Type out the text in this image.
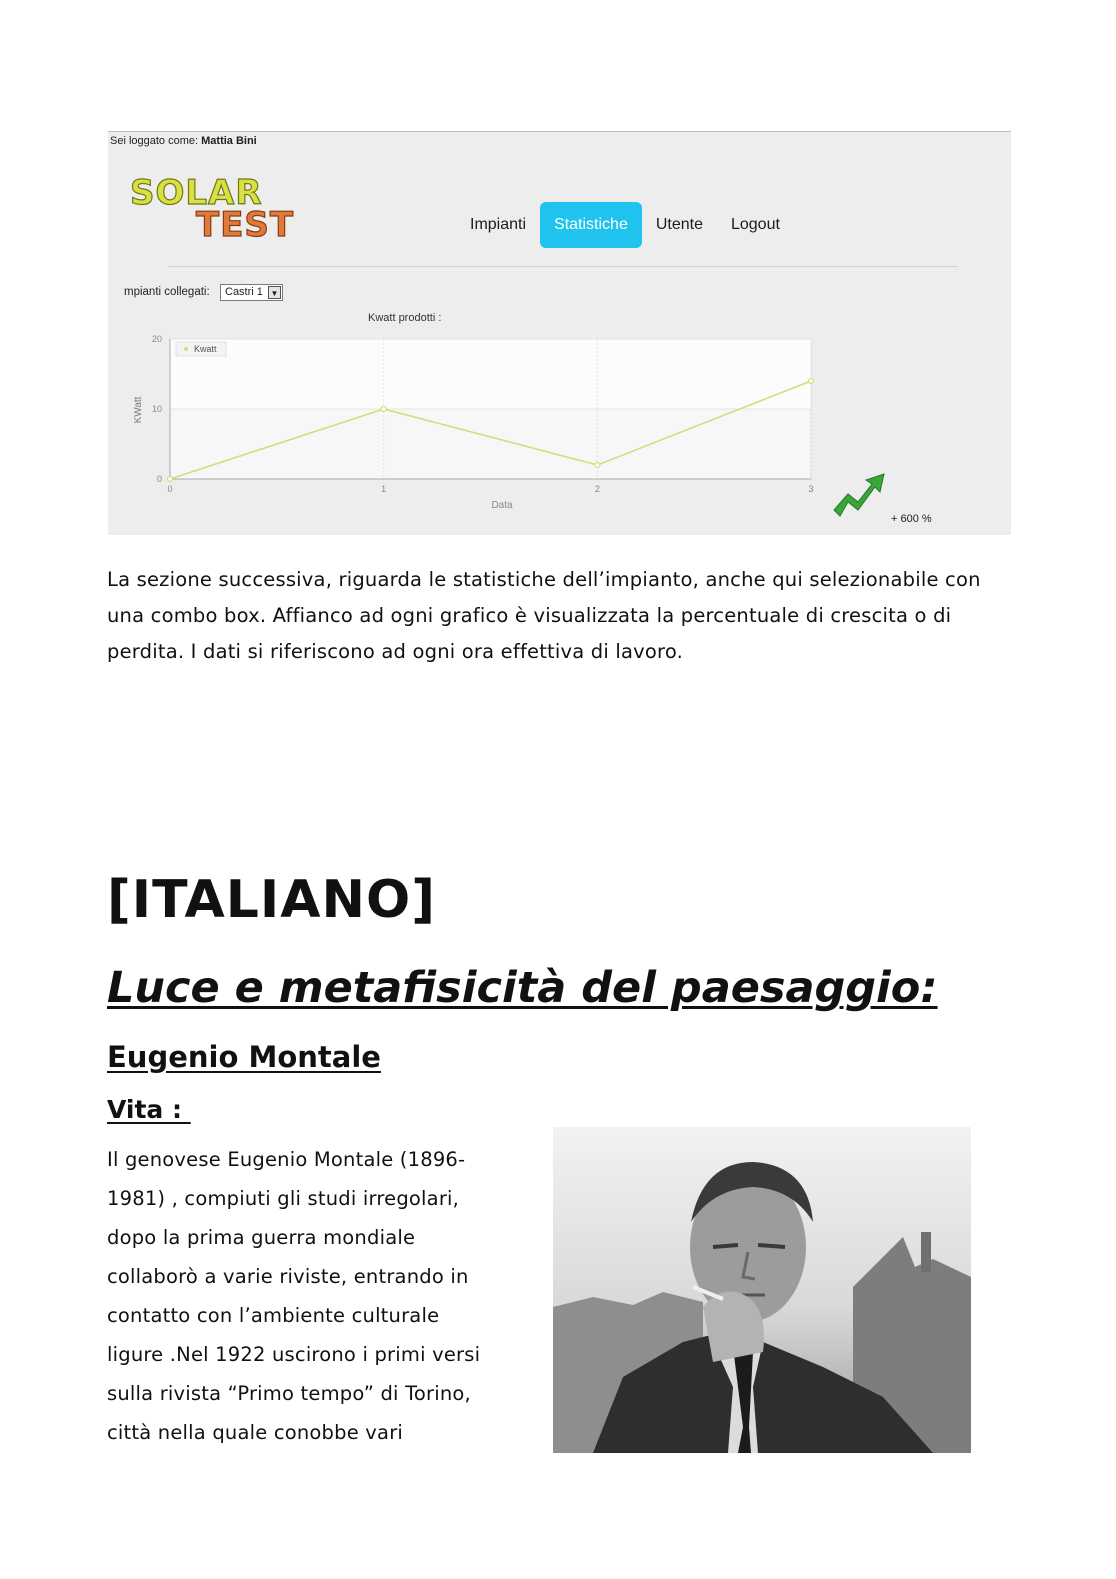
Sei loggato come: Mattia Bini
SOLAR
TEST	Impianti	Statistiche	Utente	Logout
mpianti collegati: Castri 1 ▼
Kwatt prodotti :
0	1	2	3
0
10
20
KWatt
Data
Kwatt
+ 600 %
La sezione successiva, riguarda le statistiche dell’impianto, anche qui selezionabile con una combo box. Affianco ad ogni grafico è visualizzata la percentuale di crescita o di perdita. I dati si riferiscono ad ogni ora effettiva di lavoro.
[ITALIANO]
Luce e metafisicità del paesaggio:
Eugenio Montale
Vita :
Il genovese Eugenio Montale (1896-
1981) , compiuti gli studi irregolari,
dopo la prima guerra mondiale
collaborò a varie riviste, entrando in
contatto con l’ambiente culturale
ligure .Nel 1922 uscirono i primi versi
sulla rivista “Primo tempo” di Torino,
città nella quale conobbe vari
